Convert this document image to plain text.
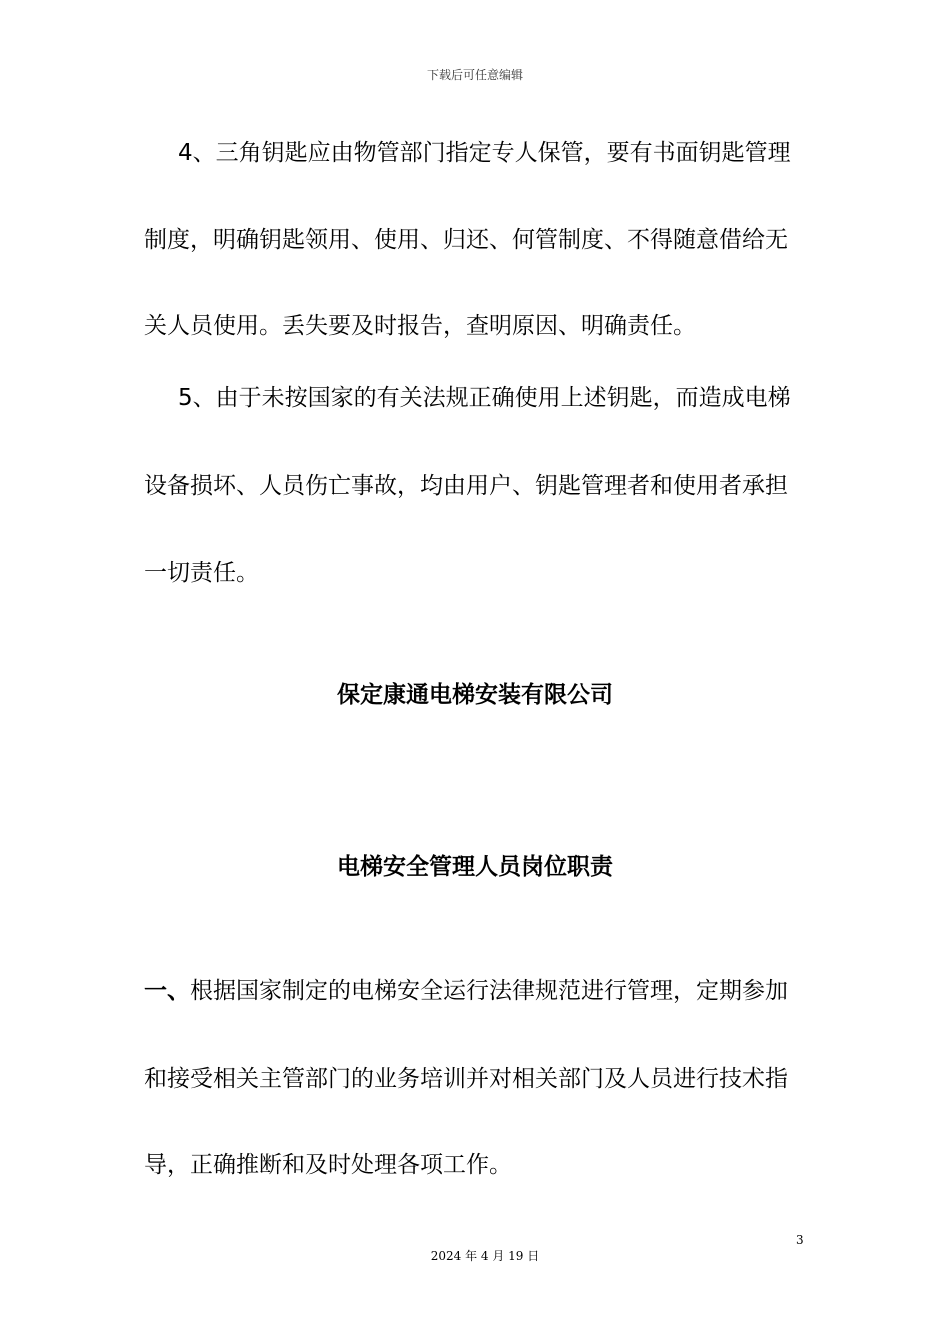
下载后可任意编辑
4、三角钥匙应由物管部门指定专人保管，要有书面钥匙管理
制度，明确钥匙领用、使用、归还、何管制度、不得随意借给无
关人员使用。丢失要及时报告，查明原因、明确责任。
5、由于未按国家的有关法规正确使用上述钥匙，而造成电梯
设备损坏、人员伤亡事故，均由用户、钥匙管理者和使用者承担
一切责任。
保定康通电梯安装有限公司
电梯安全管理人员岗位职责
一、根据国家制定的电梯安全运行法律规范进行管理，定期参加
和接受相关主管部门的业务培训并对相关部门及人员进行技术指
导，正确推断和及时处理各项工作。
3
2024 年 4 月 19 日
